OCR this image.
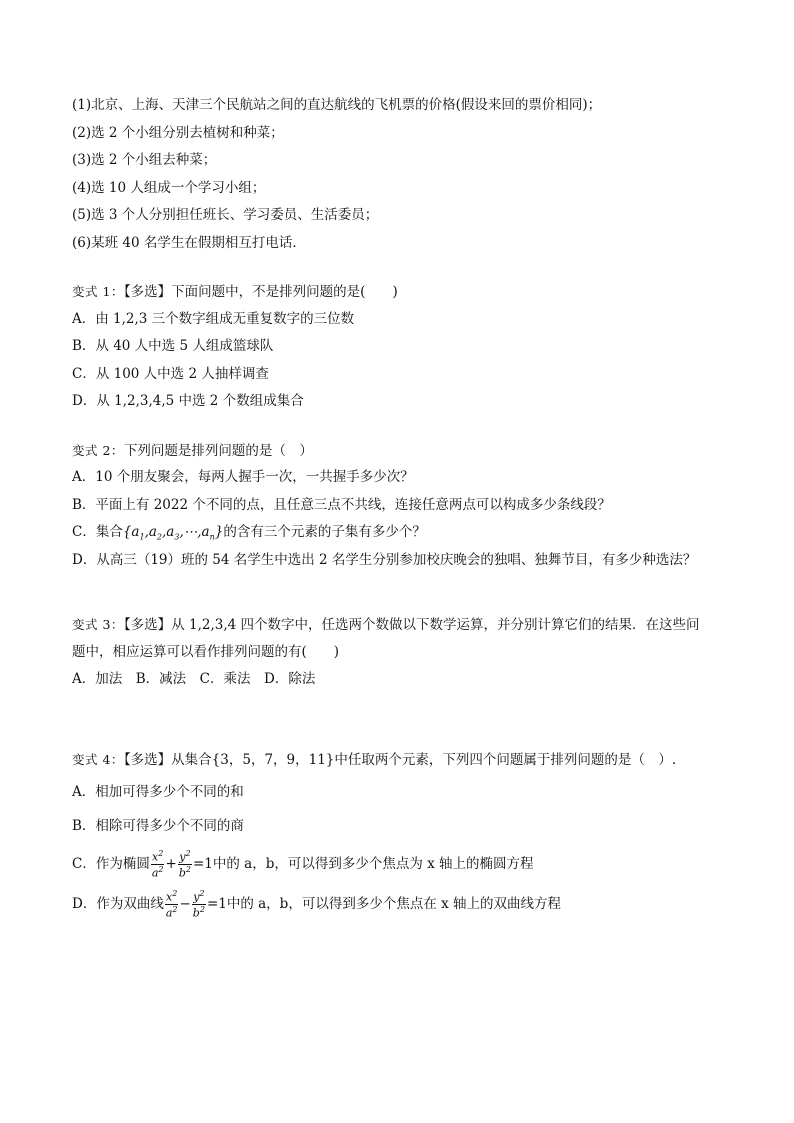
(1)北京、上海、天津三个民航站之间的直达航线的飞机票的价格(假设来回的票价相同)；
(2)选 2 个小组分别去植树和种菜；
(3)选 2 个小组去种菜；
(4)选 10 人组成一个学习小组；
(5)选 3 个人分别担任班长、学习委员、生活委员；
(6)某班 40 名学生在假期相互打电话．
变式 1：【多选】下面问题中，不是排列问题的是(　　)
A．由 1,2,3 三个数字组成无重复数字的三位数
B．从 40 人中选 5 人组成篮球队
C．从 100 人中选 2 人抽样调查
D．从 1,2,3,4,5 中选 2 个数组成集合
变式 2：下列问题是排列问题的是（　）
A．10 个朋友聚会，每两人握手一次，一共握手多少次？
B．平面上有 2022 个不同的点，且任意三点不共线，连接任意两点可以构成多少条线段？
C．集合$\{a_1,a_2,a_3,\cdots,a_n\}$的含有三个元素的子集有多少个？
D．从高三（19）班的 54 名学生中选出 2 名学生分别参加校庆晚会的独唱、独舞节目，有多少种选法？
变式 3：【多选】从 1,2,3,4 四个数字中，任选两个数做以下数学运算，并分别计算它们的结果．在这些问
题中，相应运算可以看作排列问题的有(　　)
A．加法　B．减法　C．乘法　D．除法
变式 4：【多选】从集合{3，5，7，9，11}中任取两个元素，下列四个问题属于排列问题的是（　）.
A．相加可得多少个不同的和
B．相除可得多少个不同的商
C．作为椭圆 $\frac{x^2}{a^2} + \frac{y^2}{b^2} =1$中的 a，b，可以得到多少个焦点为 x 轴上的椭圆方程
D．作为双曲线 $\frac{x^2}{a^2} - \frac{y^2}{b^2} =1$中的 a，b，可以得到多少个焦点在 x 轴上的双曲线方程
